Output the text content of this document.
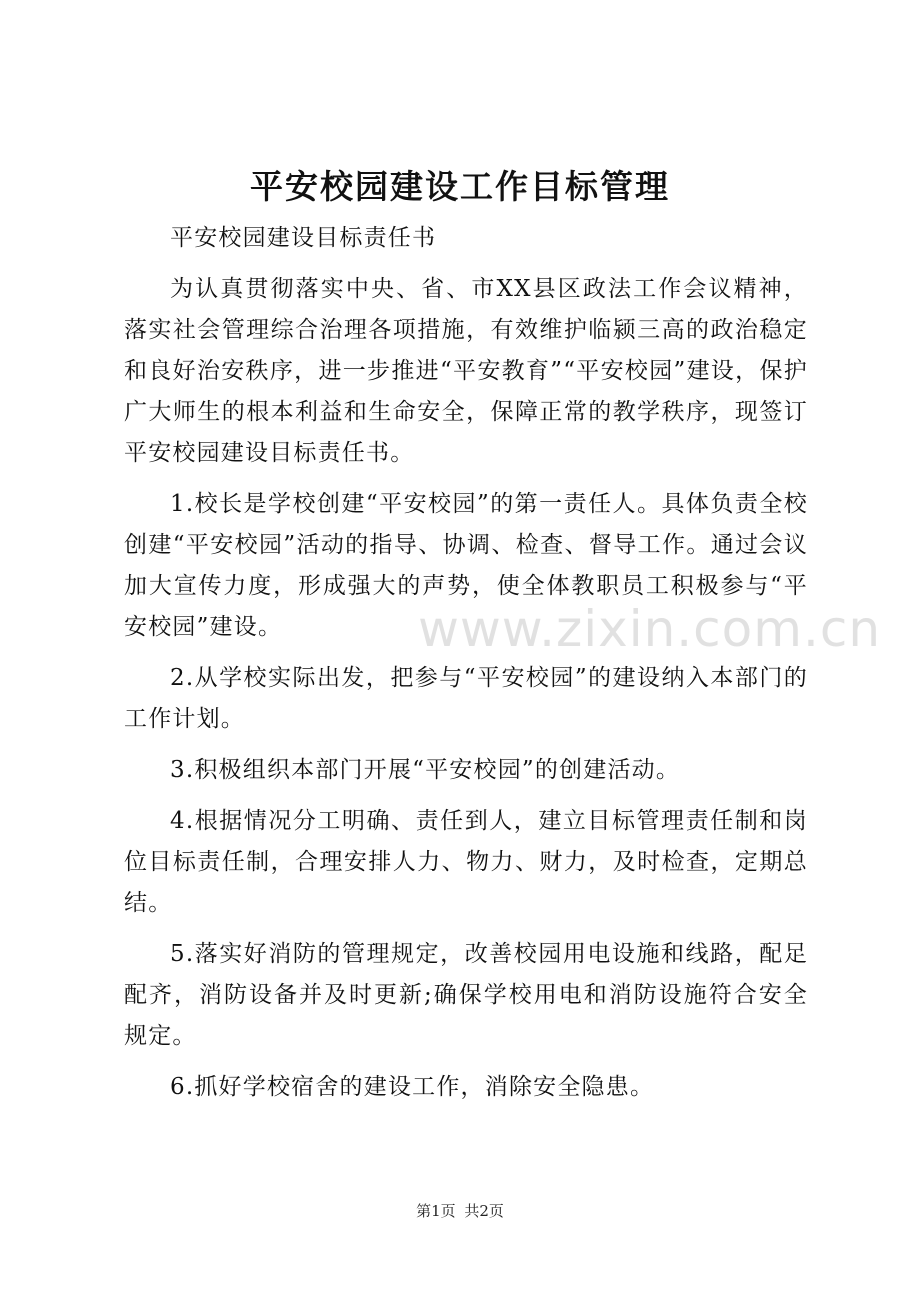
平安校园建设工作目标管理

平安校园建设目标责任书

为认真贯彻落实中央、省、市XX县区政法工作会议精神，落实社会管理综合治理各项措施，有效维护临颍三高的政治稳定和良好治安秩序，进一步推进“平安教育”“平安校园”建设，保护广大师生的根本利益和生命安全，保障正常的教学秩序，现签订平安校园建设目标责任书。

1.校长是学校创建“平安校园”的第一责任人。具体负责全校创建“平安校园”活动的指导、协调、检查、督导工作。通过会议加大宣传力度，形成强大的声势，使全体教职员工积极参与“平安校园”建设。

2.从学校实际出发，把参与“平安校园”的建设纳入本部门的工作计划。

3.积极组织本部门开展“平安校园”的创建活动。

4.根据情况分工明确、责任到人，建立目标管理责任制和岗位目标责任制，合理安排人力、物力、财力，及时检查，定期总结。

5.落实好消防的管理规定，改善校园用电设施和线路，配足配齐，消防设备并及时更新;确保学校用电和消防设施符合安全规定。

6.抓好学校宿舍的建设工作，消除安全隐患。

www.zixin.com.cn
第1页 共2页
